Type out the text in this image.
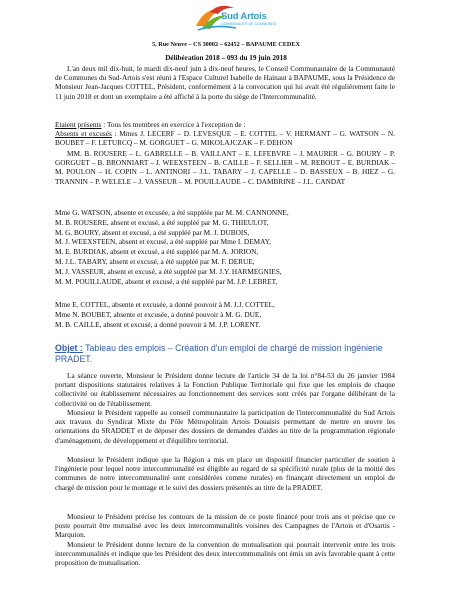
Sud Artois
COMMUNAUTÉ DE COMMUNES
5, Rue Neuve – CS 30002 – 62452 – BAPAUME CEDEX
Délibération 2018 – 093 du 19 juin 2018

L'an deux mil dix-huit, le mardi dix-neuf juin à dix-neuf heures, le Conseil Communautaire de la Communauté de Communes du Sud-Artois s'est réuni à l'Espace Culturel Isabelle de Hainaut à BAPAUME, sous la Présidence de Monsieur Jean-Jacques COTTEL, Président, conformément à la convocation qui lui avait été régulièrement faite le 11 juin 2018 et dont un exemplaire a été affiché à la porte du siège de l'Intercommunalité.

Etaient présents : Tous les membres en exercice à l'exception de :
Absents et excusés : Mmes J. LECERF – D. LEVESQUE – E. COTTEL – V. HERMANT – G. WATSON – N. BOUBET – F. LETURCQ – M. GORGUET – G. MIKOLAJCZAK – F. DEHON

MM. B. ROUSERE – L. GABRELLE – B. VAILLANT – E. LEFEBVRE – J. MAURER – G. BOURY – P. GORGUET – B. BRONNIART – J. WEEXSTEEN – B. CAILLE – F. SELLIER – M. REBOUT – E. BURDIAK – M. POULON – H. COPIN – L. ANTINORI – J.L. TABARY – J. CAPELLE – D. BASSEUX – B. HIEZ – G. TRANNIN – P. WELELE – J. VASSEUR – M. POUILLAUDE – C. DAMBRINE – J.L. CANDAT

Mme G. WATSON, absente et excusée, a été suppléée par M. M. CANNONNE,
M. B. ROUSERE, absent et excusé, a été suppléé par M. G. THIEULOT,
M. G. BOURY, absent et excusé, a été suppléé par M. J. DUBOIS,
M. J. WEEXSTEEN, absent et excusé, a été suppléé par Mme I. DEMAY,
M. E. BURDIAK, absent et excusé, a été suppléé par M. A. JORION,
M. J.L. TABARY, absent et excusé, a été suppléé par M. F. DERUE,
M. J. VASSEUR, absent et excusé, a été suppléé par M. J.Y. HARMEGNIES,
M. M. POUILLAUDE, absent et excusé, a été suppléé par M. J.P. LEBRET,
Mme E. COTTEL, absente et excusée, a donné pouvoir à M. J.J. COTTEL,
Mme N. BOUBET, absente et excusée, a donné pouvoir à M. G. DUE,
M. B. CAILLE, absent et excusé, a donné pouvoir à M. J.P. LORENT.
Objet : Tableau des emplois – Création d'un emploi de chargé de mission Ingénierie PRADET.

La séance ouverte, Monsieur le Président donne lecture de l'article 34 de la loi n°84-53 du 26 janvier 1984 portant dispositions statutaires relatives à la Fonction Publique Territoriale qui fixe que les emplois de chaque collectivité ou établissement nécessaires au fonctionnement des services sont créés par l'organe délibérant de la collectivité ou de l'établissement.

Monsieur le Président rappelle au conseil communautaire la participation de l'intercommunalité du Sud Artois aux travaux du Syndicat Mixte du Pôle Métropolitain Artois Douaisis permettant de mettre en œuvre les orientations du SRADDET et de déposer des dossiers de demandes d'aides au titre de la programmation régionale d'aménagement, de développement et d'équilibre territorial.

Monsieur le Président indique que la Région a mis en place un dispositif financier particulier de soutien à l'ingénierie pour lequel notre intercommunalité est éligible au regard de sa spécificité rurale (plus de la moitié des communes de notre intercommunalité sont considérées comme rurales) en finançant directement un emploi de chargé de mission pour le montage et le suivi des dossiers présentés au titre de la PRADET.

Monsieur le Président précise les contours de la mission de ce poste financé pour trois ans et précise que ce poste pourrait être mutualisé avec les deux intercommunalités voisines des Campagnes de l'Artois et d'Osartis - Marquion.

Monsieur le Président donne lecture de la convention de mutualisation qui pourrait intervenir entre les trois intercommunalités et indique que les Président des deux intercommunalités ont émis un avis favorable quant à cette proposition de mutualisation.
